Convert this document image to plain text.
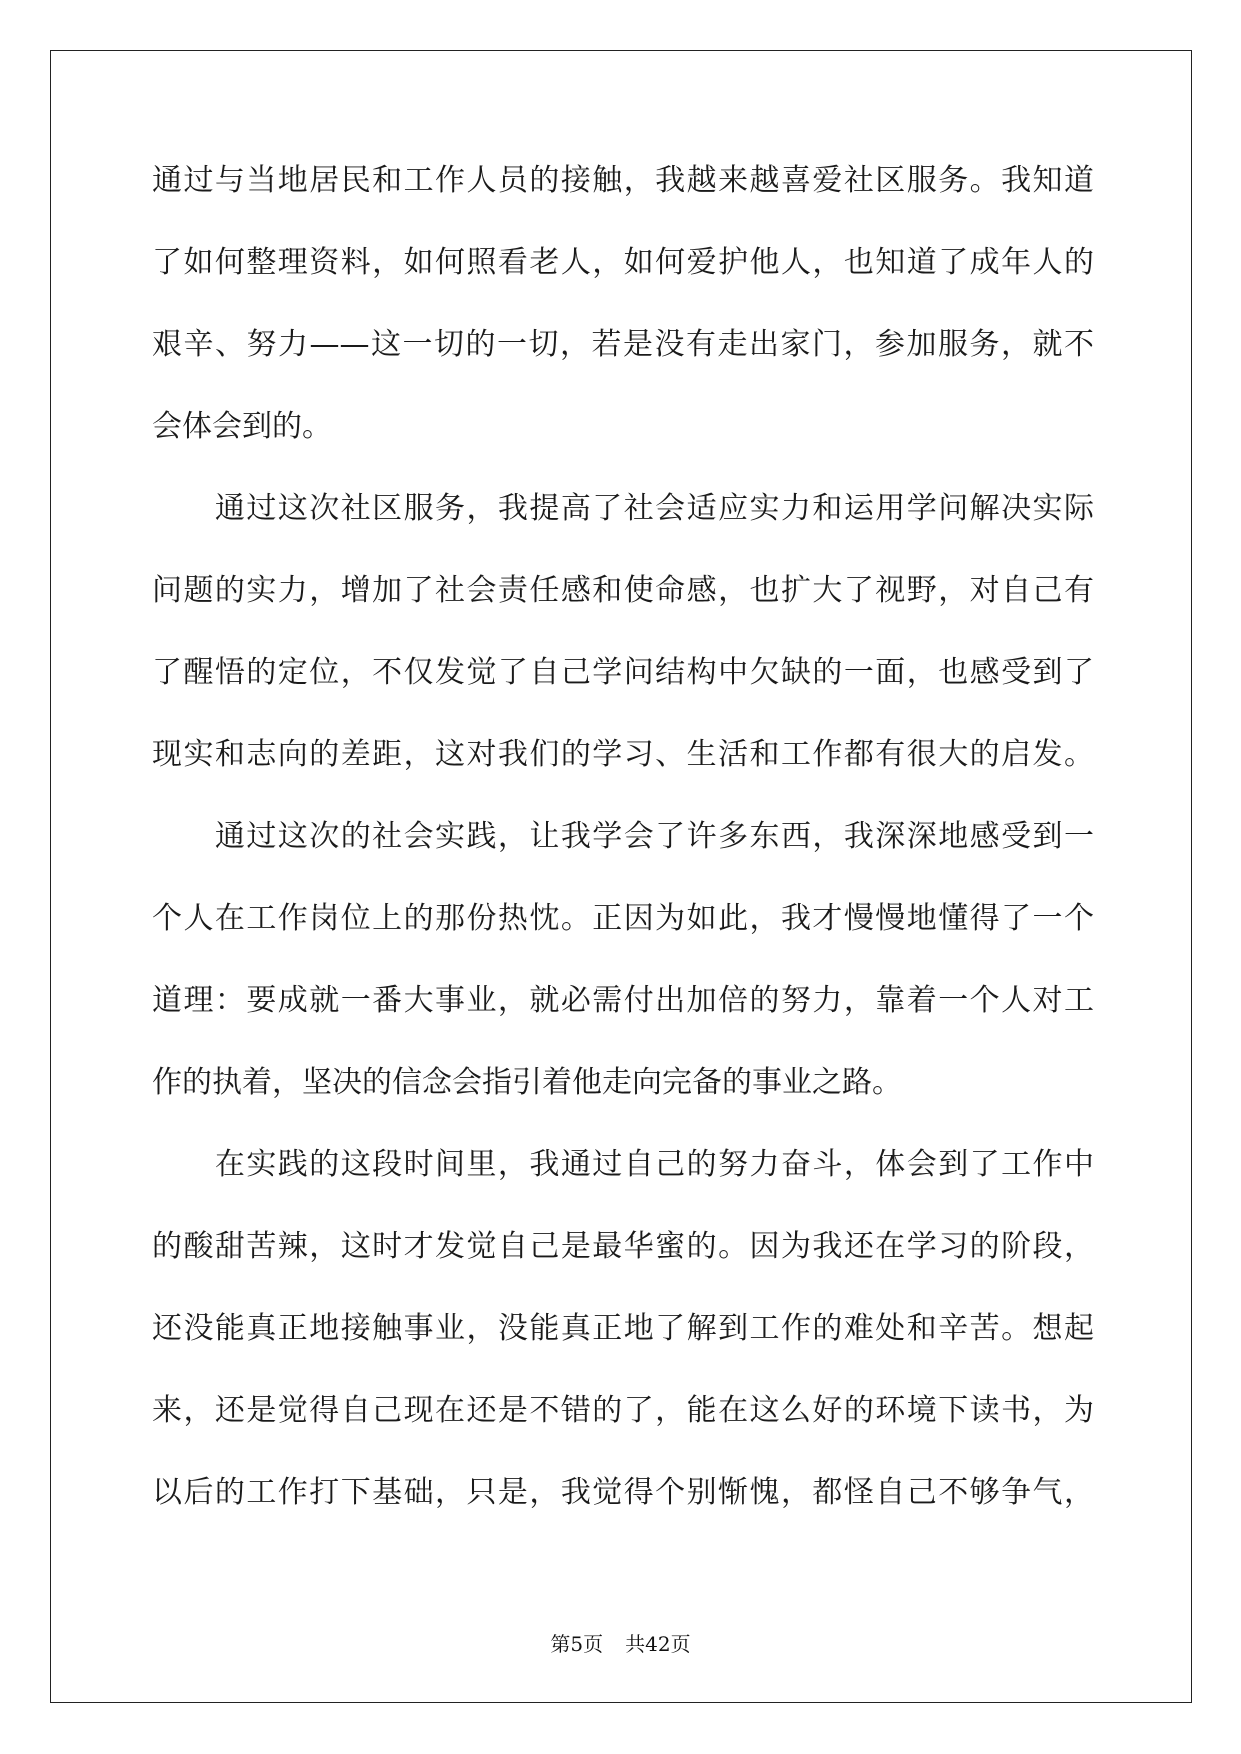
通过与当地居民和工作人员的接触，我越来越喜爱社区服务。我知道
了如何整理资料，如何照看老人，如何爱护他人，也知道了成年人的
艰辛、努力——这一切的一切，若是没有走出家门，参加服务，就不
会体会到的。
　　通过这次社区服务，我提高了社会适应实力和运用学问解决实际
问题的实力，增加了社会责任感和使命感，也扩大了视野，对自己有
了醒悟的定位，不仅发觉了自己学问结构中欠缺的一面，也感受到了
现实和志向的差距，这对我们的学习、生活和工作都有很大的启发。
　　通过这次的社会实践，让我学会了许多东西，我深深地感受到一
个人在工作岗位上的那份热忱。正因为如此，我才慢慢地懂得了一个
道理：要成就一番大事业，就必需付出加倍的努力，靠着一个人对工
作的执着，坚决的信念会指引着他走向完备的事业之路。
　　在实践的这段时间里，我通过自己的努力奋斗，体会到了工作中
的酸甜苦辣，这时才发觉自己是最华蜜的。因为我还在学习的阶段，
还没能真正地接触事业，没能真正地了解到工作的难处和辛苦。想起
来，还是觉得自己现在还是不错的了，能在这么好的环境下读书，为
以后的工作打下基础，只是，我觉得个别惭愧，都怪自己不够争气，
第5页 共42页
